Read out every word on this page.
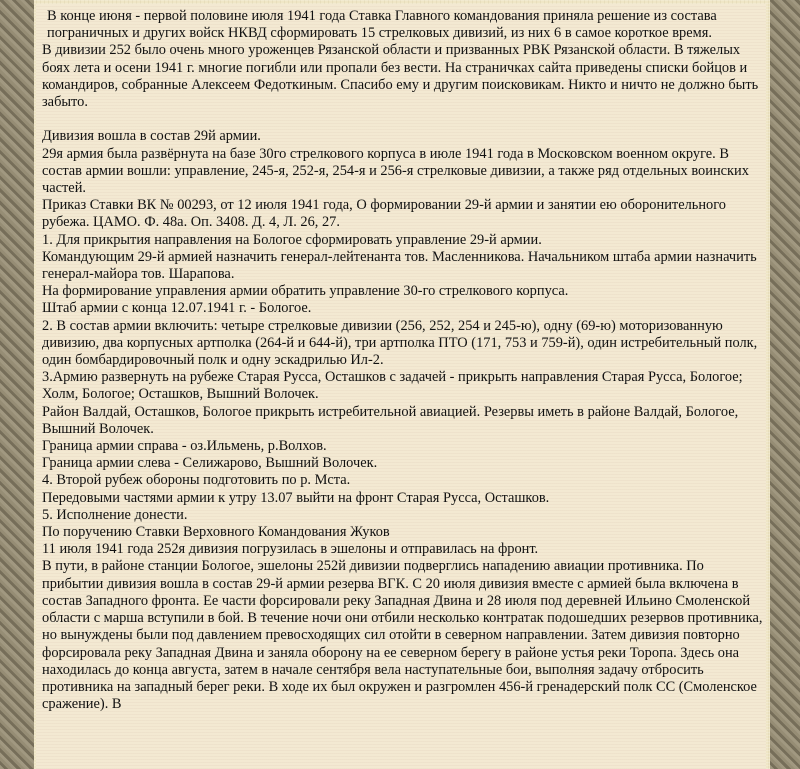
В конце июня - первой половине июля 1941 года Ставка Главного командования приняла решение из состава пограничных и других войск НКВД сформировать 15 стрелковых дивизий, из них 6 в самое короткое время.

В дивизии 252 было очень много уроженцев Рязанской области и призванных РВК Рязанской области. В тяжелых боях лета и осени 1941 г. многие погибли или пропали без вести. На страничках сайта приведены списки бойцов и командиров, собранные Алексеем Федоткиным. Спасибо ему и другим поисковикам. Никто и ничто не должно быть забыто.

Дивизия вошла в состав 29й армии.

29я армия была развёрнута на базе 30го стрелкового корпуса в июле 1941 года в Московском военном округе. В состав армии вошли: управление, 245-я, 252-я, 254-я и 256-я стрелковые дивизии, а также ряд отдельных воинских частей.

Приказ Ставки ВК № 00293, от 12 июля 1941 года, О формировании 29-й армии и занятии ею оборонительного рубежа. ЦАМО. Ф. 48а. Оп. 3408. Д. 4, Л. 26, 27.

1. Для прикрытия направления на Бологое сформировать управление 29-й армии.

Командующим 29-й армией назначить генерал-лейтенанта тов. Масленникова. Начальником штаба армии назначить генерал-майора тов. Шарапова.

На формирование управления армии обратить управление 30-го стрелкового корпуса.

Штаб армии с конца 12.07.1941 г. - Бологое.

2. В состав армии включить: четыре стрелковые дивизии (256, 252, 254 и 245-ю), одну (69-ю) моторизованную дивизию, два корпусных артполка (264-й и 644-й), три артполка ПТО (171, 753 и 759-й), один истребительный полк, один бомбардировочный полк и одну эскадрилью Ил-2.

3.Армию развернуть на рубеже Старая Русса, Осташков с задачей - прикрыть направления Старая Русса, Бологое; Холм, Бологое; Осташков, Вышний Волочек.

Район Валдай, Осташков, Бологое прикрыть истребительной авиацией. Резервы иметь в районе Валдай, Бологое, Вышний Волочек.

Граница армии справа - оз.Ильмень, р.Волхов.

Граница армии слева - Селижарово, Вышний Волочек.

4. Второй рубеж обороны подготовить по р. Мста.

Передовыми частями армии к утру 13.07 выйти на фронт Старая Русса, Осташков.

5. Исполнение донести.

По поручению Ставки Верховного Командования Жуков

11 июля 1941 года 252я дивизия погрузилась в эшелоны и отправилась на фронт.

В пути, в районе станции Бологое, эшелоны 252й дивизии подверглись нападению авиации противника. По прибытии дивизия вошла в состав 29-й армии резерва ВГК. С 20 июля дивизия вместе с армией была включена в состав Западного фронта. Ее части форсировали реку Западная Двина и 28 июля под деревней Ильино Смоленской области с марша вступили в бой. В течение ночи они отбили несколько контратак подошедших резервов противника, но вынуждены были под давлением превосходящих сил отойти в северном направлении. Затем дивизия повторно форсировала реку Западная Двина и заняла оборону на ее северном берегу в районе устья реки Торопа. Здесь она находилась до конца августа, затем в начале сентября вела наступательные бои, выполняя задачу отбросить противника на западный берег реки. В ходе их был окружен и разгромлен 456-й гренадерский полк СС (Смоленское сражение). В
